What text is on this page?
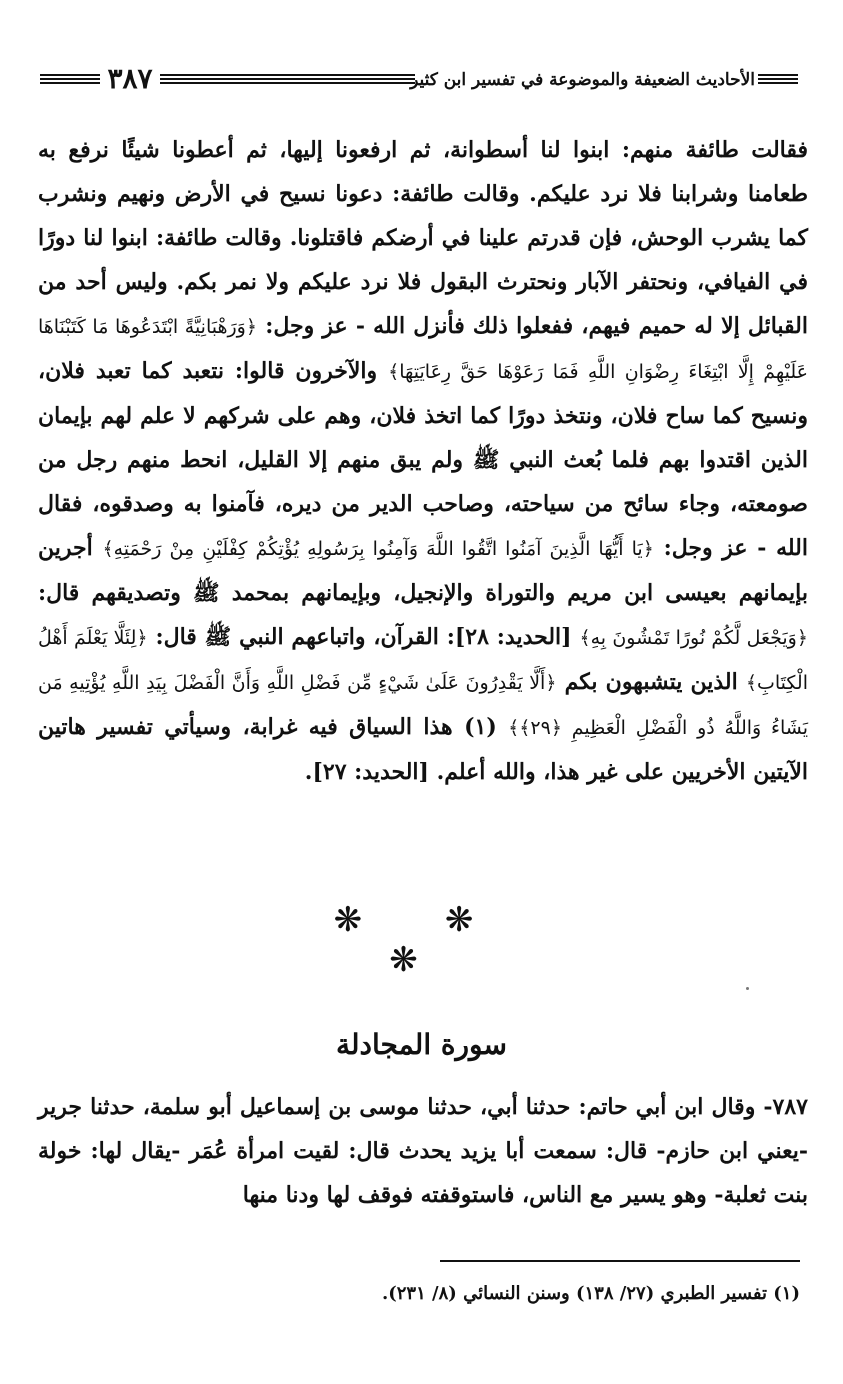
٣٨٧	الأحاديث الضعيفة والموضوعة في تفسير ابن كثير
فقالت طائفة منهم: ابنوا لنا أسطوانة، ثم ارفعونا إليها، ثم أعطونا شيئًا نرفع به طعامنا وشرابنا فلا نرد عليكم. وقالت طائفة: دعونا نسيح في الأرض ونهيم ونشرب كما يشرب الوحش، فإن قدرتم علينا في أرضكم فاقتلونا. وقالت طائفة: ابنوا لنا دورًا في الفيافي، ونحتفر الآبار ونحترث البقول فلا نرد عليكم ولا نمر بكم. وليس أحد من القبائل إلا له حميم فيهم، ففعلوا ذلك فأنزل الله - عز وجل: ﴿وَرَهْبَانِيَّةً ابْتَدَعُوهَا مَا كَتَبْنَاهَا عَلَيْهِمْ إِلَّا ابْتِغَاءَ رِضْوَانِ اللَّهِ فَمَا رَعَوْهَا حَقَّ رِعَايَتِهَا﴾ والآخرون قالوا: نتعبد كما تعبد فلان، ونسيح كما ساح فلان، ونتخذ دورًا كما اتخذ فلان، وهم على شركهم لا علم لهم بإيمان الذين اقتدوا بهم فلما بُعث النبي ﷺ ولم يبق منهم إلا القليل، انحط منهم رجل من صومعته، وجاء سائح من سياحته، وصاحب الدير من ديره، فآمنوا به وصدقوه، فقال الله - عز وجل: ﴿يَا أَيُّهَا الَّذِينَ آمَنُوا اتَّقُوا اللَّهَ وَآمِنُوا بِرَسُولِهِ يُؤْتِكُمْ كِفْلَيْنِ مِنْ رَحْمَتِهِ﴾ أجرين بإيمانهم بعيسى ابن مريم والتوراة والإنجيل، وبإيمانهم بمحمد ﷺ وتصديقهم قال: ﴿وَيَجْعَل لَّكُمْ نُورًا تَمْشُونَ بِهِ﴾ [الحديد: ٢٨]: القرآن، واتباعهم النبي ﷺ قال: ﴿لِئَلَّا يَعْلَمَ أَهْلُ الْكِتَابِ﴾ الذين يتشبهون بكم ﴿أَلَّا يَقْدِرُونَ عَلَىٰ شَيْءٍ مِّن فَضْلِ اللَّهِ وَأَنَّ الْفَضْلَ بِيَدِ اللَّهِ يُؤْتِيهِ مَن يَشَاءُ وَاللَّهُ ذُو الْفَضْلِ الْعَظِيمِ ﴿٢٩﴾﴾ (١) هذا السياق فيه غرابة، وسيأتي تفسير هاتين الآيتين الأخريين على غير هذا، والله أعلم. [الحديد: ٢٧].
❋ ❋ ❋
سورة المجادلة
٧٨٧- وقال ابن أبي حاتم: حدثنا أبي، حدثنا موسى بن إسماعيل أبو سلمة، حدثنا جرير -يعني ابن حازم- قال: سمعت أبا يزيد يحدث قال: لقيت امرأة عُمَر -يقال لها: خولة بنت ثعلبة- وهو يسير مع الناس، فاستوقفته فوقف لها ودنا منها
(١) تفسير الطبري (٢٧/ ١٣٨) وسنن النسائي (٨/ ٢٣١).
